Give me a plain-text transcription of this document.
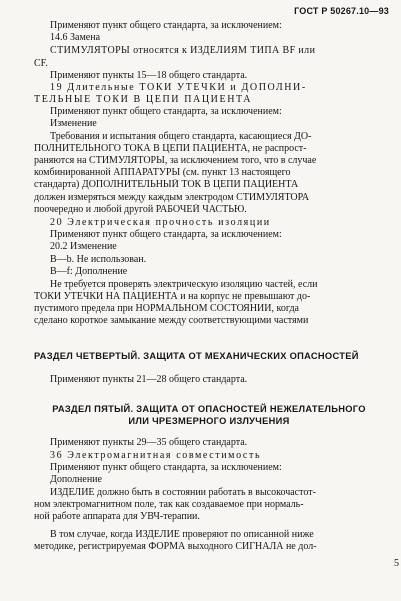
ГОСТ Р 50267.10—93
Применяют пункт общего стандарта, за исключением:
14.6 Замена
СТИМУЛЯТОРЫ относятся к ИЗДЕЛИЯМ ТИПА BF или
CF.
Применяют пункты 15—18 общего стандарта.
19 Длительные ТОКИ УТЕЧКИ и ДОПОЛНИ-
ТЕЛЬНЫЕ ТОКИ В ЦЕПИ ПАЦИЕНТА
Применяют пункт общего стандарта, за исключением:
Изменение
Требования и испытания общего стандарта, касающиеся ДО-
ПОЛНИТЕЛЬНОГО ТОКА В ЦЕПИ ПАЦИЕНТА, не распрост-
раняются на СТИМУЛЯТОРЫ, за исключением того, что в случае
комбинированной АППАРАТУРЫ (см. пункт 13 настоящего
стандарта) ДОПОЛНИТЕЛЬНЫЙ ТОК В ЦЕПИ ПАЦИЕНТА
должен измеряться между каждым электродом СТИМУЛЯТОРА
поочередно и любой другой РАБОЧЕЙ ЧАСТЬЮ.
20 Электрическая прочность изоляции
Применяют пункт общего стандарта, за исключением:
20.2 Изменение
B—b. Не использован.
B—f: Дополнение
Не требуется проверять электрическую изоляцию частей, если
ТОКИ УТЕЧКИ НА ПАЦИЕНТА и на корпус не превышают до-
пустимого предела при НОРМАЛЬНОМ СОСТОЯНИИ, когда
сделано короткое замыкание между соответствующими частями
РАЗДЕЛ ЧЕТВЕРТЫЙ. ЗАЩИТА ОТ МЕХАНИЧЕСКИХ ОПАСНОСТЕЙ
Применяют пункты 21—28 общего стандарта.
РАЗДЕЛ ПЯТЫЙ. ЗАЩИТА ОТ ОПАСНОСТЕЙ НЕЖЕЛАТЕЛЬНОГО
ИЛИ ЧРЕЗМЕРНОГО ИЗЛУЧЕНИЯ
Применяют пункты 29—35 общего стандарта.
36 Электромагнитная совместимость
Применяют пункт общего стандарта, за исключением:
Дополнение
ИЗДЕЛИЕ должно быть в состоянии работать в высокочастот-
ном электромагнитном поле, так как создаваемое при нормаль-
ной работе аппарата для УВЧ-терапии.
В том случае, когда ИЗДЕЛИЕ проверяют по описанной ниже
методике, регистрируемая ФОРМА выходного СИГНАЛА не дол-
5
